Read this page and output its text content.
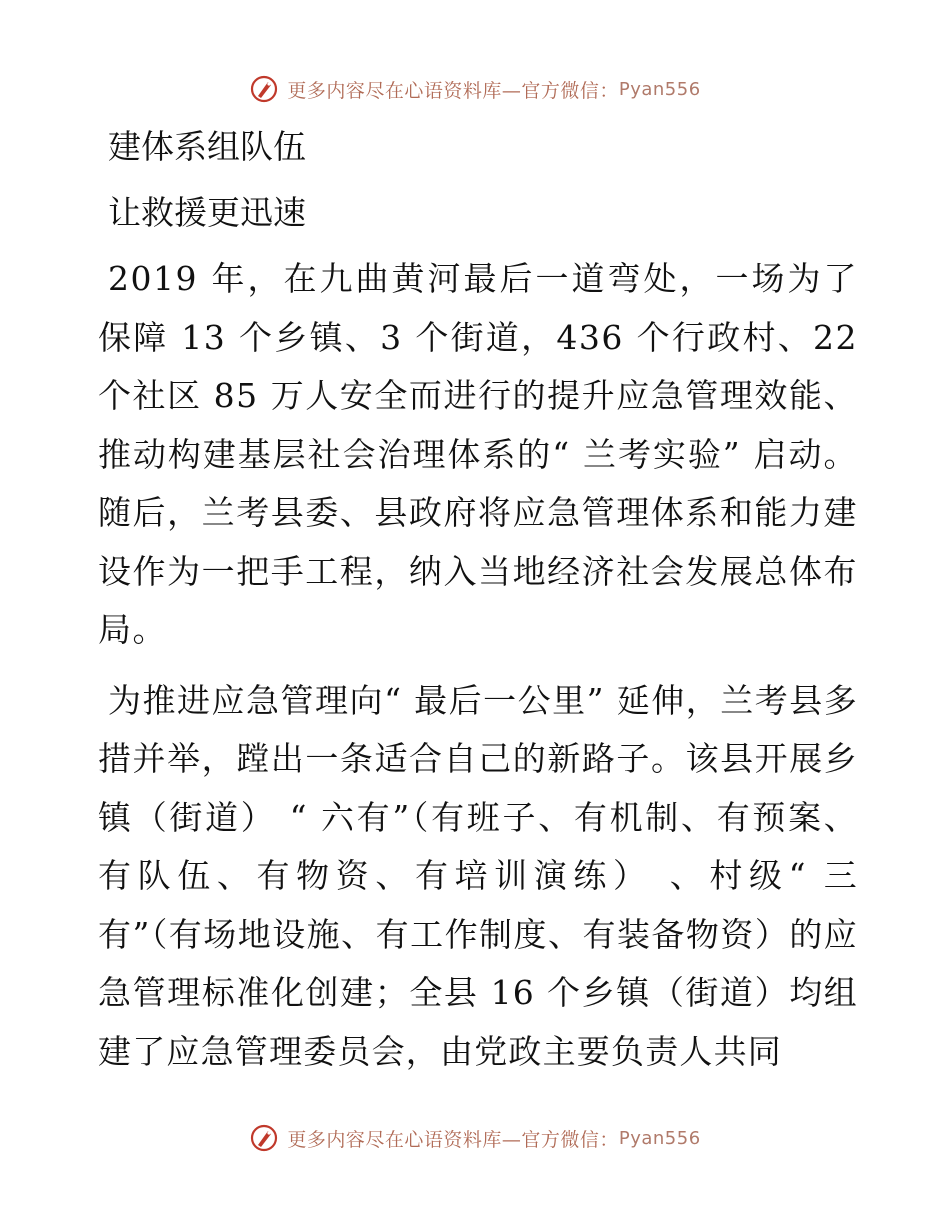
更多内容尽在心语资料库—官方微信： Pyan556
建体系组队伍
让救援更迅速

2019 年，在九曲黄河最后一道弯处，一场为了保障 13 个乡镇、3 个街道，436 个行政村、22个社区 85 万人安全而进行的提升应急管理效能、推动构建基层社会治理体系的“ 兰考实验” 启动。随后，兰考县委、县政府将应急管理体系和能力建设作为一把手工程，纳入当地经济社会发展总体布局。

为推进应急管理向“ 最后一公里” 延伸，兰考县多措并举，蹚出一条适合自己的新路子。该县开展乡镇（街道） “ 六有”（有班子、有机制、有预案、有队伍、有物资、有培训演练） 、村级“ 三有”（有场地设施、有工作制度、有装备物资）的应急管理标准化创建；全县 16 个乡镇（街道）均组建了应急管理委员会，由党政主要负责人共同

更多内容尽在心语资料库—官方微信： Pyan556
